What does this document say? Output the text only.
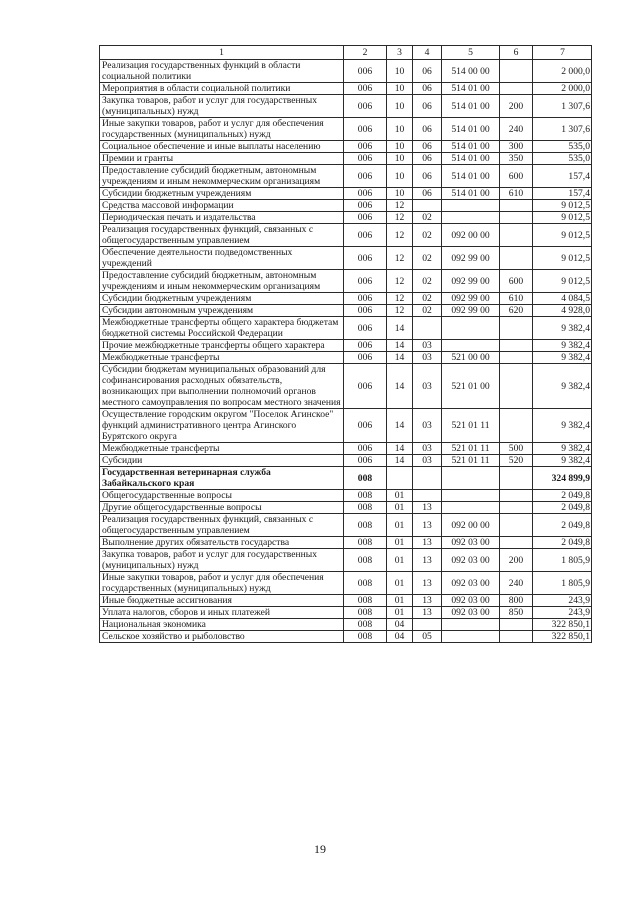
1	2	3	4	5	6	7
Реализация государственных функций в области социальной политики	006	10	06	514 00 00		2 000,0
Мероприятия в области социальной политики	006	10	06	514 01 00		2 000,0
Закупка товаров, работ и услуг для государственных (муниципальных) нужд	006	10	06	514 01 00	200	1 307,6
Иные закупки товаров, работ и услуг для обеспечения государственных (муниципальных) нужд	006	10	06	514 01 00	240	1 307,6
Социальное обеспечение и иные выплаты населению	006	10	06	514 01 00	300	535,0
Премии и гранты	006	10	06	514 01 00	350	535,0
Предоставление субсидий бюджетным, автономным учреждениям и иным некоммерческим организациям	006	10	06	514 01 00	600	157,4
Субсидии бюджетным учреждениям	006	10	06	514 01 00	610	157,4
Средства массовой информации	006	12				9 012,5
Периодическая печать и издательства	006	12	02			9 012,5
Реализация государственных функций, связанных с общегосударственным управлением	006	12	02	092 00 00		9 012,5
Обеспечение деятельности подведомственных учреждений	006	12	02	092 99 00		9 012,5
Предоставление субсидий бюджетным, автономным учреждениям и иным некоммерческим организациям	006	12	02	092 99 00	600	9 012,5
Субсидии бюджетным учреждениям	006	12	02	092 99 00	610	4 084,5
Субсидии автономным учреждениям	006	12	02	092 99 00	620	4 928,0
Межбюджетные трансферты общего характера бюджетам бюджетной системы Российской Федерации	006	14				9 382,4
Прочие межбюджетные трансферты общего характера	006	14	03			9 382,4
Межбюджетные трансферты	006	14	03	521 00 00		9 382,4
Субсидии бюджетам муниципальных образований для софинансирования расходных обязательств, возникающих при выполнении полномочий органов местного самоуправления по вопросам местного значения	006	14	03	521 01 00		9 382,4
Осуществление городским округом "Поселок Агинское" функций административного центра Агинского Бурятского округа	006	14	03	521 01 11		9 382,4
Межбюджетные трансферты	006	14	03	521 01 11	500	9 382,4
Субсидии	006	14	03	521 01 11	520	9 382,4
Государственная ветеринарная служба Забайкальского края	008					324 899,9
Общегосударственные вопросы	008	01				2 049,8
Другие общегосударственные вопросы	008	01	13			2 049,8
Реализация государственных функций, связанных с общегосударственным управлением	008	01	13	092 00 00		2 049,8
Выполнение других обязательств государства	008	01	13	092 03 00		2 049,8
Закупка товаров, работ и услуг для государственных (муниципальных) нужд	008	01	13	092 03 00	200	1 805,9
Иные закупки товаров, работ и услуг для обеспечения государственных (муниципальных) нужд	008	01	13	092 03 00	240	1 805,9
Иные бюджетные ассигнования	008	01	13	092 03 00	800	243,9
Уплата налогов, сборов и иных платежей	008	01	13	092 03 00	850	243,9
Национальная экономика	008	04				322 850,1
Сельское хозяйство и рыболовство	008	04	05			322 850,1
19
